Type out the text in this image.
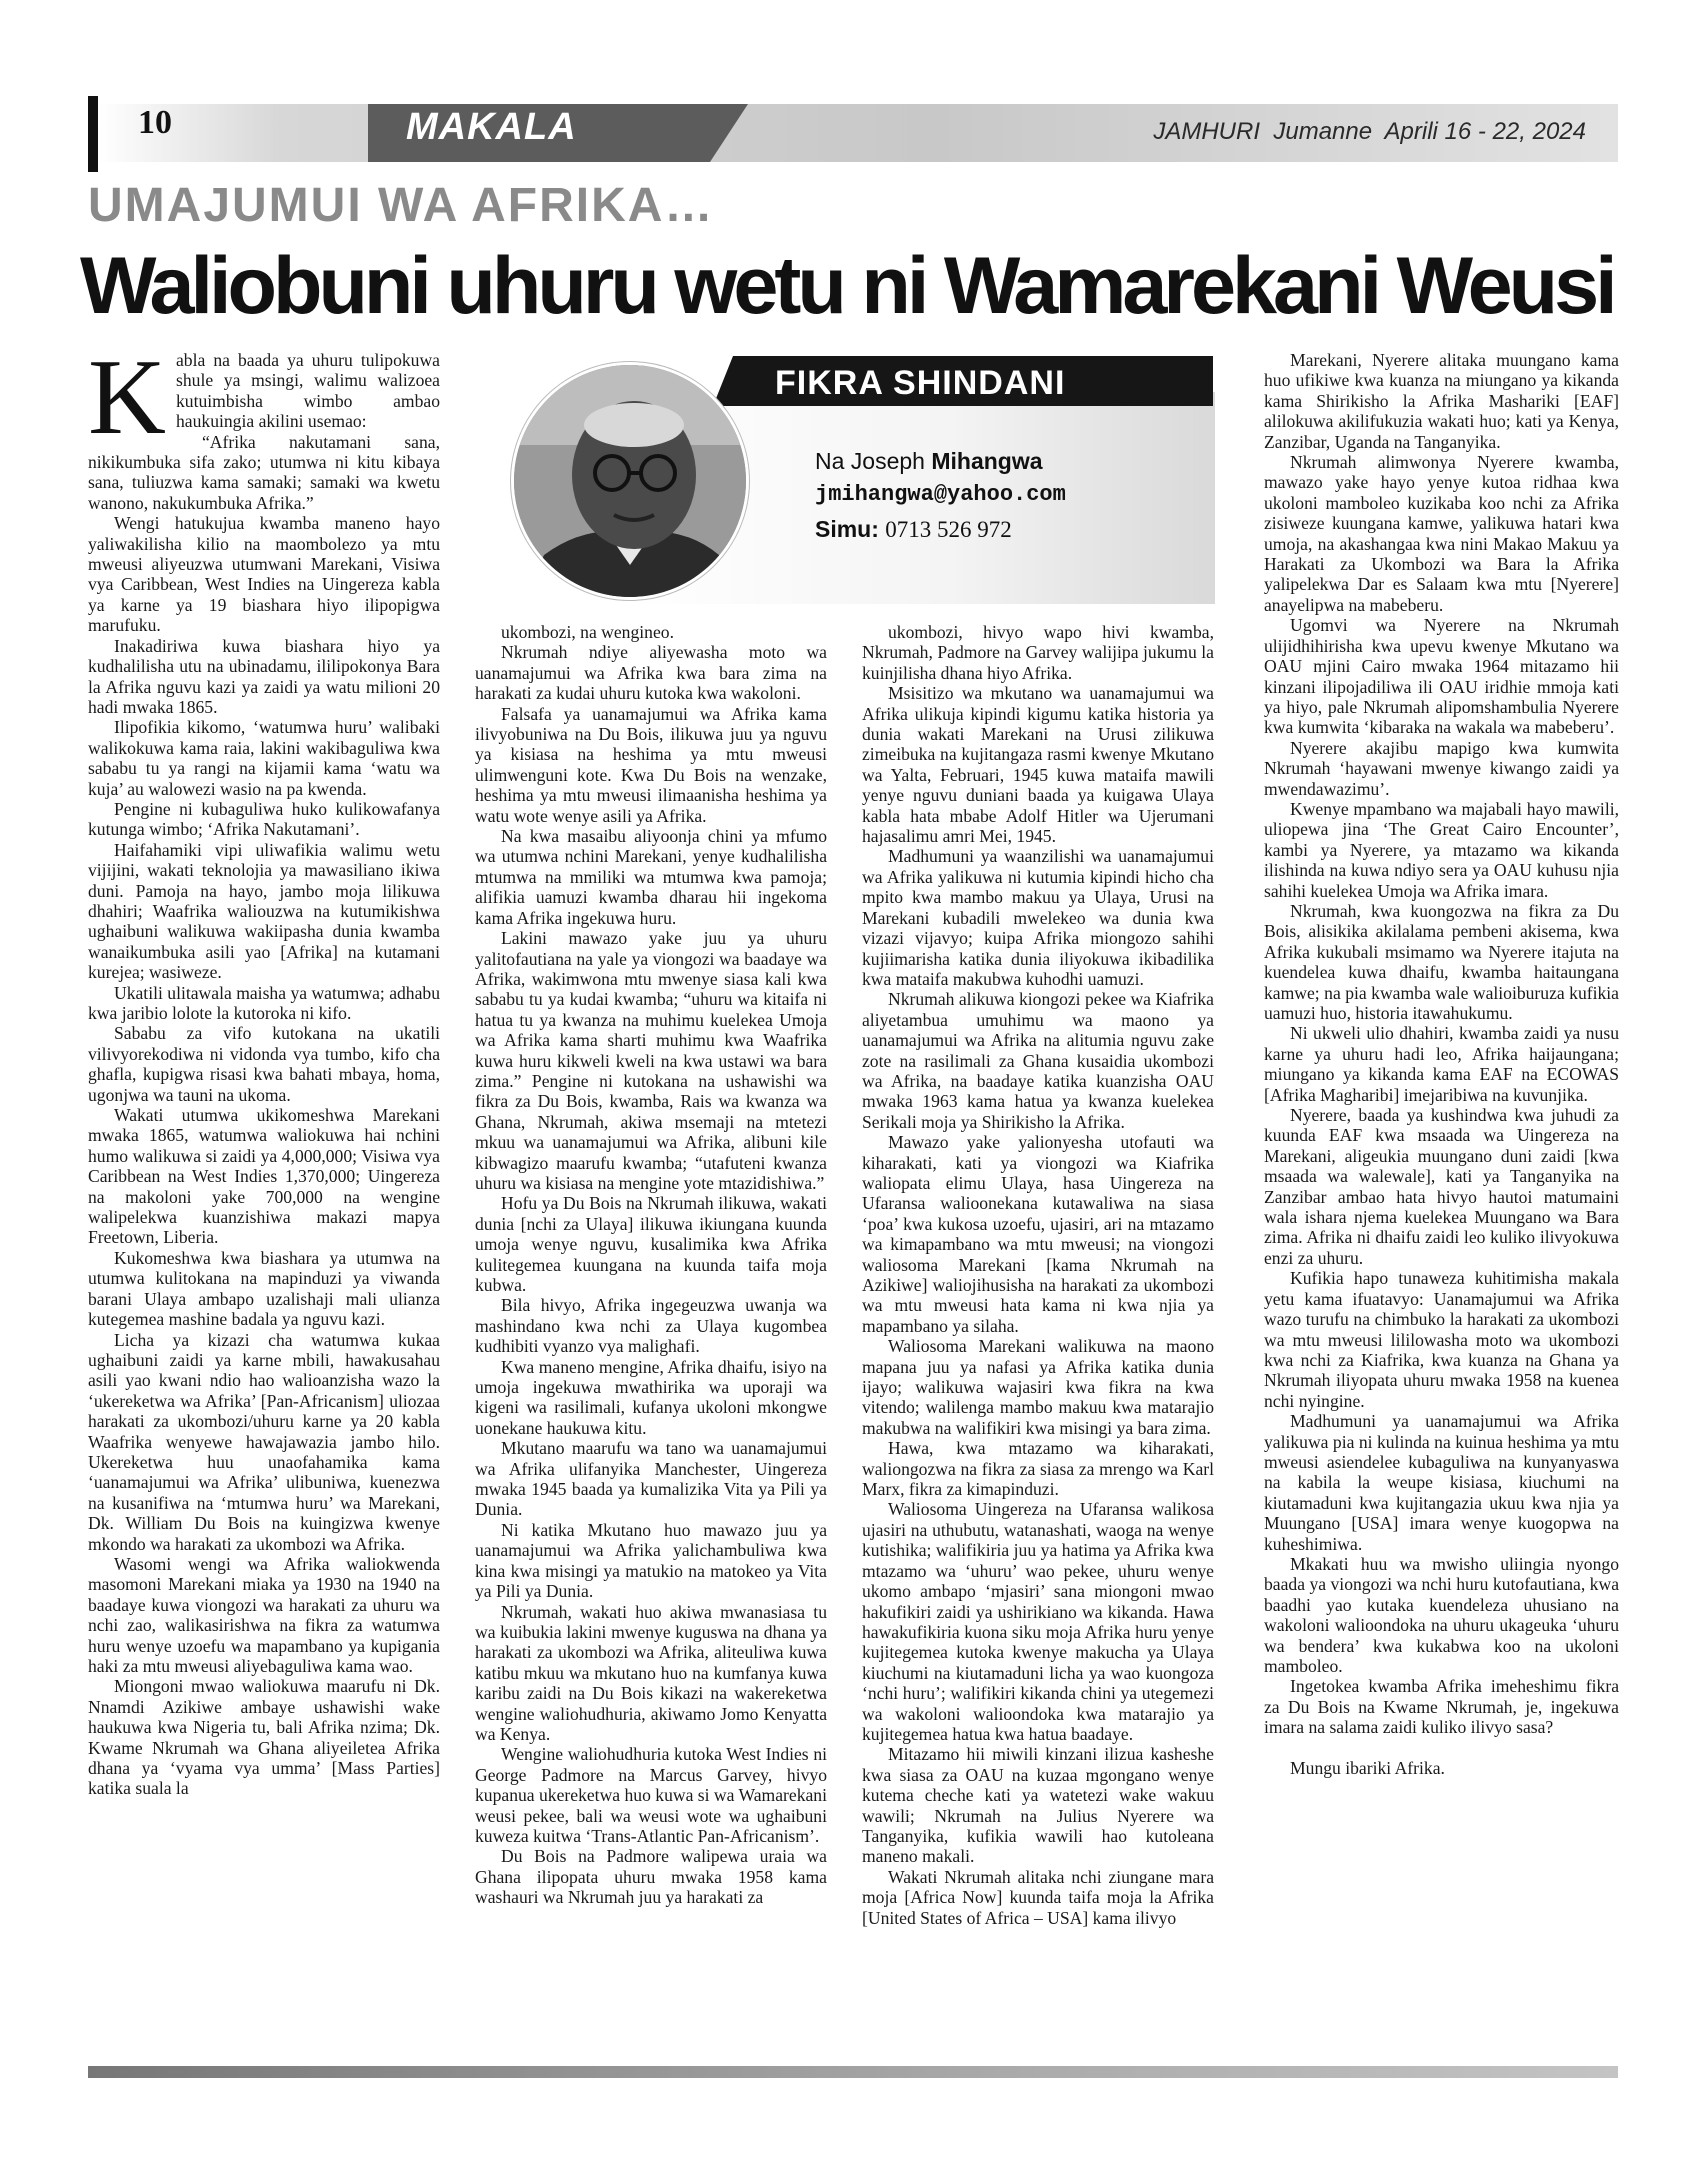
10	MAKALA	JAMHURI Jumanne  Aprili 16 - 22, 2024
UMAJUMUI WA AFRIKA…
Waliobuni uhuru wetu ni Wamarekani Weusi
FIKRA SHINDANI
Na Joseph Mihangwa
jmihangwa@yahoo.com
Simu: 0713 526 972
K abla na baada ya uhuru tulipokuwa shule ya msingi, walimu walizoea kutuimbisha wimbo ambao haukuingia akilini usemao:

“Afrika nakutamani sana, nikikumbuka sifa zako; utumwa ni kitu kibaya sana, tuliuzwa kama samaki; samaki wa kwetu wanono, nakukumbuka Afrika.”

Wengi hatukujua kwamba maneno hayo yaliwakilisha kilio na maombolezo ya mtu mweusi aliyeuzwa utumwani Marekani, Visiwa vya Caribbean, West Indies na Uingereza kabla ya karne ya 19 biashara hiyo ilipopigwa marufuku.

Inakadiriwa kuwa biashara hiyo ya kudhalilisha utu na ubinadamu, ililipokonya Bara la Afrika nguvu kazi ya zaidi ya watu milioni 20 hadi mwaka 1865.

Ilipofikia kikomo, ‘watumwa huru’ walibaki walikokuwa kama raia, lakini wakibaguliwa kwa sababu tu ya rangi na kijamii kama ‘watu wa kuja’ au walowezi wasio na pa kwenda.

Pengine ni kubaguliwa huko kulikowafanya kutunga wimbo; ‘Afrika Nakutamani’.

Haifahamiki vipi uliwafikia walimu wetu vijijini, wakati teknolojia ya mawasiliano ikiwa duni. Pamoja na hayo, jambo moja lilikuwa dhahiri; Waafrika waliouzwa na kutumikishwa ughaibuni walikuwa wakiipasha dunia kwamba wanaikumbuka asili yao [Afrika] na kutamani kurejea; wasiweze.

Ukatili ulitawala maisha ya watumwa; adhabu kwa jaribio lolote la kutoroka ni kifo.

Sababu za vifo kutokana na ukatili vilivyorekodiwa ni vidonda vya tumbo, kifo cha ghafla, kupigwa risasi kwa bahati mbaya, homa, ugonjwa wa tauni na ukoma.

Wakati utumwa ukikomeshwa Marekani mwaka 1865, watumwa waliokuwa hai nchini humo walikuwa si zaidi ya 4,000,000; Visiwa vya Caribbean na West Indies 1,370,000; Uingereza na makoloni yake 700,000 na wengine walipelekwa kuanzishiwa makazi mapya Freetown, Liberia.

Kukomeshwa kwa biashara ya utumwa na utumwa kulitokana na mapinduzi ya viwanda barani Ulaya ambapo uzalishaji mali ulianza kutegemea mashine badala ya nguvu kazi.

Licha ya kizazi cha watumwa kukaa ughaibuni zaidi ya karne mbili, hawakusahau asili yao kwani ndio hao walioanzisha wazo la ‘ukereketwa wa Afrika’ [Pan-Africanism] uliozaa harakati za ukombozi/uhuru karne ya 20 kabla Waafrika wenyewe hawajawazia jambo hilo. Ukereketwa huu unaofahamika kama ‘uanamajumui wa Afrika’ ulibuniwa, kuenezwa na kusanifiwa na ‘mtumwa huru’ wa Marekani, Dk. William Du Bois na kuingizwa kwenye mkondo wa harakati za ukombozi wa Afrika.

Wasomi wengi wa Afrika waliokwenda masomoni Marekani miaka ya 1930 na 1940 na baadaye kuwa viongozi wa harakati za uhuru wa nchi zao, walikasirishwa na fikra za watumwa huru wenye uzoefu wa mapambano ya kupigania haki za mtu mweusi aliyebaguliwa kama wao.

Miongoni mwao waliokuwa maarufu ni Dk. Nnamdi Azikiwe ambaye ushawishi wake haukuwa kwa Nigeria tu, bali Afrika nzima; Dk. Kwame Nkrumah wa Ghana aliyeiletea Afrika dhana ya ‘vyama vya umma’ [Mass Parties] katika suala la

ukombozi, na wengineo.

Nkrumah ndiye aliyewasha moto wa uanamajumui wa Afrika kwa bara zima na harakati za kudai uhuru kutoka kwa wakoloni.

Falsafa ya uanamajumui wa Afrika kama ilivyobuniwa na Du Bois, ilikuwa juu ya nguvu ya kisiasa na heshima ya mtu mweusi ulimwenguni kote. Kwa Du Bois na wenzake, heshima ya mtu mweusi ilimaanisha heshima ya watu wote wenye asili ya Afrika.

Na kwa masaibu aliyoonja chini ya mfumo wa utumwa nchini Marekani, yenye kudhalilisha mtumwa na mmiliki wa mtumwa kwa pamoja; alifikia uamuzi kwamba dharau hii ingekoma kama Afrika ingekuwa huru.

Lakini mawazo yake juu ya uhuru yalitofautiana na yale ya viongozi wa baadaye wa Afrika, wakimwona mtu mwenye siasa kali kwa sababu tu ya kudai kwamba; “uhuru wa kitaifa ni hatua tu ya kwanza na muhimu kuelekea Umoja wa Afrika kama sharti muhimu kwa Waafrika kuwa huru kikweli kweli na kwa ustawi wa bara zima.” Pengine ni kutokana na ushawishi wa fikra za Du Bois, kwamba, Rais wa kwanza wa Ghana, Nkrumah, akiwa msemaji na mtetezi mkuu wa uanamajumui wa Afrika, alibuni kile kibwagizo maarufu kwamba; “utafuteni kwanza uhuru wa kisiasa na mengine yote mtazidishiwa.”

Hofu ya Du Bois na Nkrumah ilikuwa, wakati dunia [nchi za Ulaya] ilikuwa ikiungana kuunda umoja wenye nguvu, kusalimika kwa Afrika kulitegemea kuungana na kuunda taifa moja kubwa.

Bila hivyo, Afrika ingegeuzwa uwanja wa mashindano kwa nchi za Ulaya kugombea kudhibiti vyanzo vya malighafi.

Kwa maneno mengine, Afrika dhaifu, isiyo na umoja ingekuwa mwathirika wa uporaji wa kigeni wa rasilimali, kufanya ukoloni mkongwe uonekane haukuwa kitu.

Mkutano maarufu wa tano wa uanamajumui wa Afrika ulifanyika Manchester, Uingereza mwaka 1945 baada ya kumalizika Vita ya Pili ya Dunia.

Ni katika Mkutano huo mawazo juu ya uanamajumui wa Afrika yalichambuliwa kwa kina kwa misingi ya matukio na matokeo ya Vita ya Pili ya Dunia.

Nkrumah, wakati huo akiwa mwanasiasa tu wa kuibukia lakini mwenye kuguswa na dhana ya harakati za ukombozi wa Afrika, aliteuliwa kuwa katibu mkuu wa mkutano huo na kumfanya kuwa karibu zaidi na Du Bois kikazi na wakereketwa wengine waliohudhuria, akiwamo Jomo Kenyatta wa Kenya.

Wengine waliohudhuria kutoka West Indies ni George Padmore na Marcus Garvey, hivyo kupanua ukereketwa huo kuwa si wa Wamarekani weusi pekee, bali wa weusi wote wa ughaibuni kuweza kuitwa ‘Trans-Atlantic Pan-Africanism’.

Du Bois na Padmore walipewa uraia wa Ghana ilipopata uhuru mwaka 1958 kama washauri wa Nkrumah juu ya harakati za

ukombozi, hivyo wapo hivi kwamba, Nkrumah, Padmore na Garvey walijipa jukumu la kuinjilisha dhana hiyo Afrika.

Msisitizo wa mkutano wa uanamajumui wa Afrika ulikuja kipindi kigumu katika historia ya dunia wakati Marekani na Urusi zilikuwa zimeibuka na kujitangaza rasmi kwenye Mkutano wa Yalta, Februari, 1945 kuwa mataifa mawili yenye nguvu duniani baada ya kuigawa Ulaya kabla hata mbabe Adolf Hitler wa Ujerumani hajasalimu amri Mei, 1945.

Madhumuni ya waanzilishi wa uanamajumui wa Afrika yalikuwa ni kutumia kipindi hicho cha mpito kwa mambo makuu ya Ulaya, Urusi na Marekani kubadili mwelekeo wa dunia kwa vizazi vijavyo; kuipa Afrika miongozo sahihi kujiimarisha katika dunia iliyokuwa ikibadilika kwa mataifa makubwa kuhodhi uamuzi.

Nkrumah alikuwa kiongozi pekee wa Kiafrika aliyetambua umuhimu wa maono ya uanamajumui wa Afrika na alitumia nguvu zake zote na rasilimali za Ghana kusaidia ukombozi wa Afrika, na baadaye katika kuanzisha OAU mwaka 1963 kama hatua ya kwanza kuelekea Serikali moja ya Shirikisho la Afrika.

Mawazo yake yalionyesha utofauti wa kiharakati, kati ya viongozi wa Kiafrika waliopata elimu Ulaya, hasa Uingereza na Ufaransa walioonekana kutawaliwa na siasa ‘poa’ kwa kukosa uzoefu, ujasiri, ari na mtazamo wa kimapambano wa mtu mweusi; na viongozi waliosoma Marekani [kama Nkrumah na Azikiwe] waliojihusisha na harakati za ukombozi wa mtu mweusi hata kama ni kwa njia ya mapambano ya silaha.

Waliosoma Marekani walikuwa na maono mapana juu ya nafasi ya Afrika katika dunia ijayo; walikuwa wajasiri kwa fikra na kwa vitendo; walilenga mambo makuu kwa matarajio makubwa na walifikiri kwa misingi ya bara zima.

Hawa, kwa mtazamo wa kiharakati, waliongozwa na fikra za siasa za mrengo wa Karl Marx, fikra za kimapinduzi.

Waliosoma Uingereza na Ufaransa walikosa ujasiri na uthubutu, watanashati, waoga na wenye kutishika; walifikiria juu ya hatima ya Afrika kwa mtazamo wa ‘uhuru’ wao pekee, uhuru wenye ukomo ambapo ‘mjasiri’ sana miongoni mwao hakufikiri zaidi ya ushirikiano wa kikanda. Hawa hawakufikiria kuona siku moja Afrika huru yenye kujitegemea kutoka kwenye makucha ya Ulaya kiuchumi na kiutamaduni licha ya wao kuongoza ‘nchi huru’; walifikiri kikanda chini ya utegemezi wa wakoloni walioondoka kwa matarajio ya kujitegemea hatua kwa hatua baadaye.

Mitazamo hii miwili kinzani ilizua kasheshe kwa siasa za OAU na kuzaa mgongano wenye kutema cheche kati ya watetezi wake wakuu wawili; Nkrumah na Julius Nyerere wa Tanganyika, kufikia wawili hao kutoleana maneno makali.

Wakati Nkrumah alitaka nchi ziungane mara moja [Africa Now] kuunda taifa moja la Afrika [United States of Africa – USA] kama ilivyo

Marekani, Nyerere alitaka muungano kama huo ufikiwe kwa kuanza na miungano ya kikanda kama Shirikisho la Afrika Mashariki [EAF] alilokuwa akilifukuzia wakati huo; kati ya Kenya, Zanzibar, Uganda na Tanganyika.

Nkrumah alimwonya Nyerere kwamba, mawazo yake hayo yenye kutoa ridhaa kwa ukoloni mamboleo kuzikaba koo nchi za Afrika zisiweze kuungana kamwe, yalikuwa hatari kwa umoja, na akashangaa kwa nini Makao Makuu ya Harakati za Ukombozi wa Bara la Afrika yalipelekwa Dar es Salaam kwa mtu [Nyerere] anayelipwa na mabeberu.

Ugomvi wa Nyerere na Nkrumah ulijidhihirisha kwa upevu kwenye Mkutano wa OAU mjini Cairo mwaka 1964 mitazamo hii kinzani ilipojadiliwa ili OAU iridhie mmoja kati ya hiyo, pale Nkrumah alipomshambulia Nyerere kwa kumwita ‘kibaraka na wakala wa mabeberu’.

Nyerere akajibu mapigo kwa kumwita Nkrumah ‘hayawani mwenye kiwango zaidi ya mwendawazimu’.

Kwenye mpambano wa majabali hayo mawili, uliopewa jina ‘The Great Cairo Encounter’, kambi ya Nyerere, ya mtazamo wa kikanda ilishinda na kuwa ndiyo sera ya OAU kuhusu njia sahihi kuelekea Umoja wa Afrika imara.

Nkrumah, kwa kuongozwa na fikra za Du Bois, alisikika akilalama pembeni akisema, kwa Afrika kukubali msimamo wa Nyerere itajuta na kuendelea kuwa dhaifu, kwamba haitaungana kamwe; na pia kwamba wale walioiburuza kufikia uamuzi huo, historia itawahukumu.

Ni ukweli ulio dhahiri, kwamba zaidi ya nusu karne ya uhuru hadi leo, Afrika haijaungana; miungano ya kikanda kama EAF na ECOWAS [Afrika Magharibi] imejaribiwa na kuvunjika.

Nyerere, baada ya kushindwa kwa juhudi za kuunda EAF kwa msaada wa Uingereza na Marekani, aligeukia muungano duni zaidi [kwa msaada wa walewale], kati ya Tanganyika na Zanzibar ambao hata hivyo hautoi matumaini wala ishara njema kuelekea Muungano wa Bara zima. Afrika ni dhaifu zaidi leo kuliko ilivyokuwa enzi za uhuru.

Kufikia hapo tunaweza kuhitimisha makala yetu kama ifuatavyo: Uanamajumui wa Afrika wazo turufu na chimbuko la harakati za ukombozi wa mtu mweusi lililowasha moto wa ukombozi kwa nchi za Kiafrika, kwa kuanza na Ghana ya Nkrumah iliyopata uhuru mwaka 1958 na kuenea nchi nyingine.

Madhumuni ya uanamajumui wa Afrika yalikuwa pia ni kulinda na kuinua heshima ya mtu mweusi asiendelee kubaguliwa na kunyanyaswa na kabila la weupe kisiasa, kiuchumi na kiutamaduni kwa kujitangazia ukuu kwa njia ya Muungano [USA] imara wenye kuogopwa na kuheshimiwa.

Mkakati huu wa mwisho uliingia nyongo baada ya viongozi wa nchi huru kutofautiana, kwa baadhi yao kutaka kuendeleza uhusiano na wakoloni walioondoka na uhuru ukageuka ‘uhuru wa bendera’ kwa kukabwa koo na ukoloni mamboleo.

Ingetokea kwamba Afrika imeheshimu fikra za Du Bois na Kwame Nkrumah, je, ingekuwa imara na salama zaidi kuliko ilivyo sasa?

Mungu ibariki Afrika.
